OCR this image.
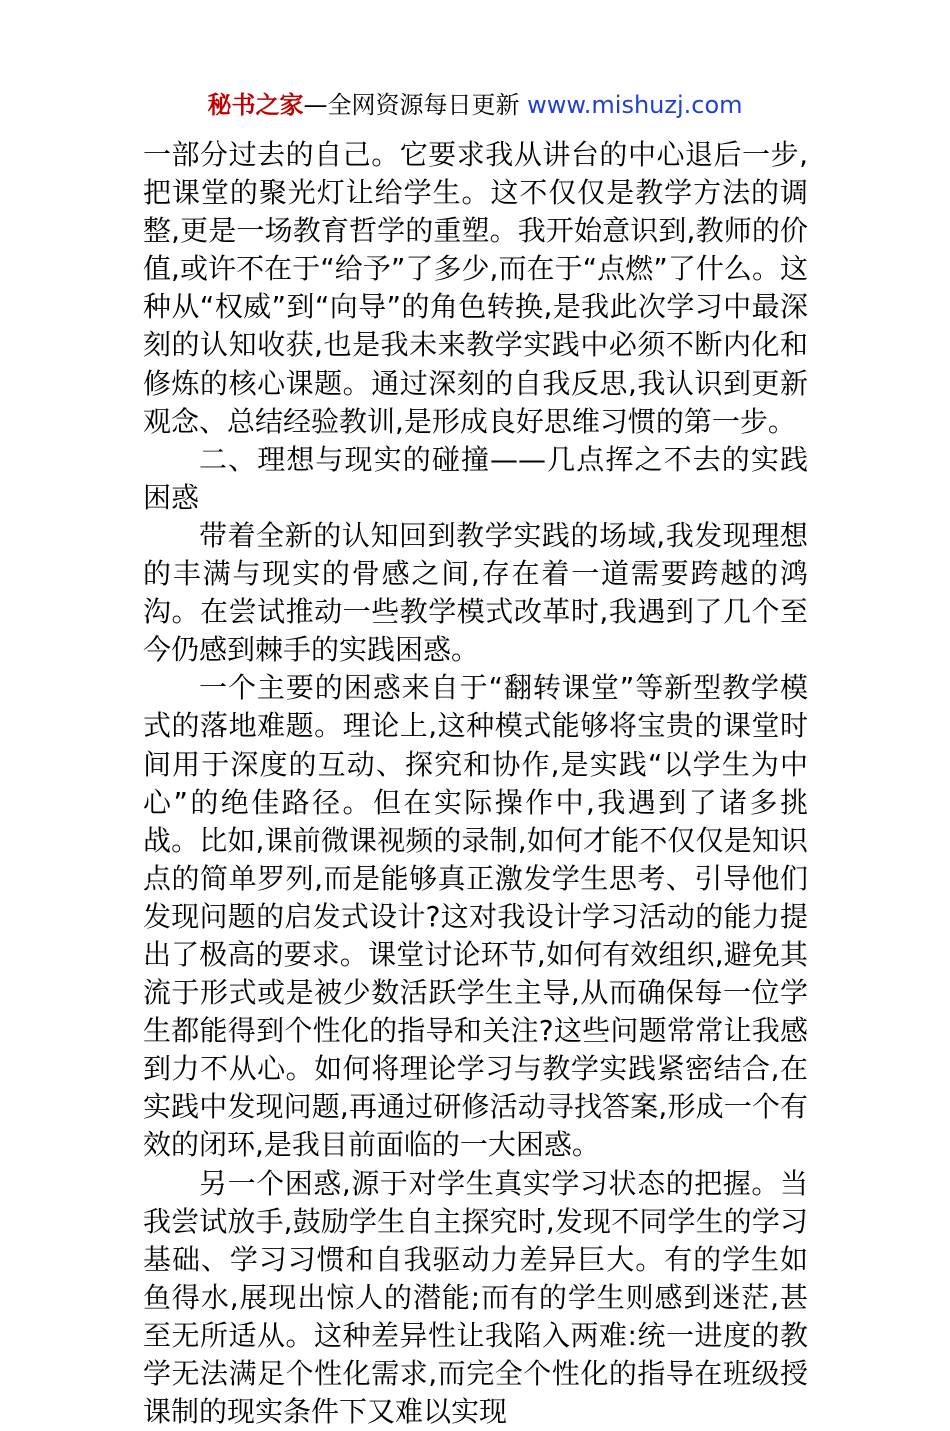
秘书之家—全网资源每日更新 www.mishuzj.com

一部分过去的自己。它要求我从讲台的中心退后一步,把课堂的聚光灯让给学生。这不仅仅是教学方法的调整,更是一场教育哲学的重塑。我开始意识到,教师的价值,或许不在于“给予”了多少,而在于“点燃”了什么。这种从“权威”到“向导”的角色转换,是我此次学习中最深刻的认知收获,也是我未来教学实践中必须不断内化和修炼的核心课题。通过深刻的自我反思,我认识到更新观念、总结经验教训,是形成良好思维习惯的第一步。

二、理想与现实的碰撞——几点挥之不去的实践困惑

带着全新的认知回到教学实践的场域,我发现理想的丰满与现实的骨感之间,存在着一道需要跨越的鸿沟。在尝试推动一些教学模式改革时,我遇到了几个至今仍感到棘手的实践困惑。

一个主要的困惑来自于“翻转课堂”等新型教学模式的落地难题。理论上,这种模式能够将宝贵的课堂时间用于深度的互动、探究和协作,是实践“以学生为中心”的绝佳路径。但在实际操作中,我遇到了诸多挑战。比如,课前微课视频的录制,如何才能不仅仅是知识点的简单罗列,而是能够真正激发学生思考、引导他们发现问题的启发式设计?这对我设计学习活动的能力提出了极高的要求。课堂讨论环节,如何有效组织,避免其流于形式或是被少数活跃学生主导,从而确保每一位学生都能得到个性化的指导和关注?这些问题常常让我感到力不从心。如何将理论学习与教学实践紧密结合,在实践中发现问题,再通过研修活动寻找答案,形成一个有效的闭环,是我目前面临的一大困惑。

另一个困惑,源于对学生真实学习状态的把握。当我尝试放手,鼓励学生自主探究时,发现不同学生的学习基础、学习习惯和自我驱动力差异巨大。有的学生如鱼得水,展现出惊人的潜能;而有的学生则感到迷茫,甚至无所适从。这种差异性让我陷入两难:统一进度的教学无法满足个性化需求,而完全个性化的指导在班级授课制的现实条件下又难以实现
